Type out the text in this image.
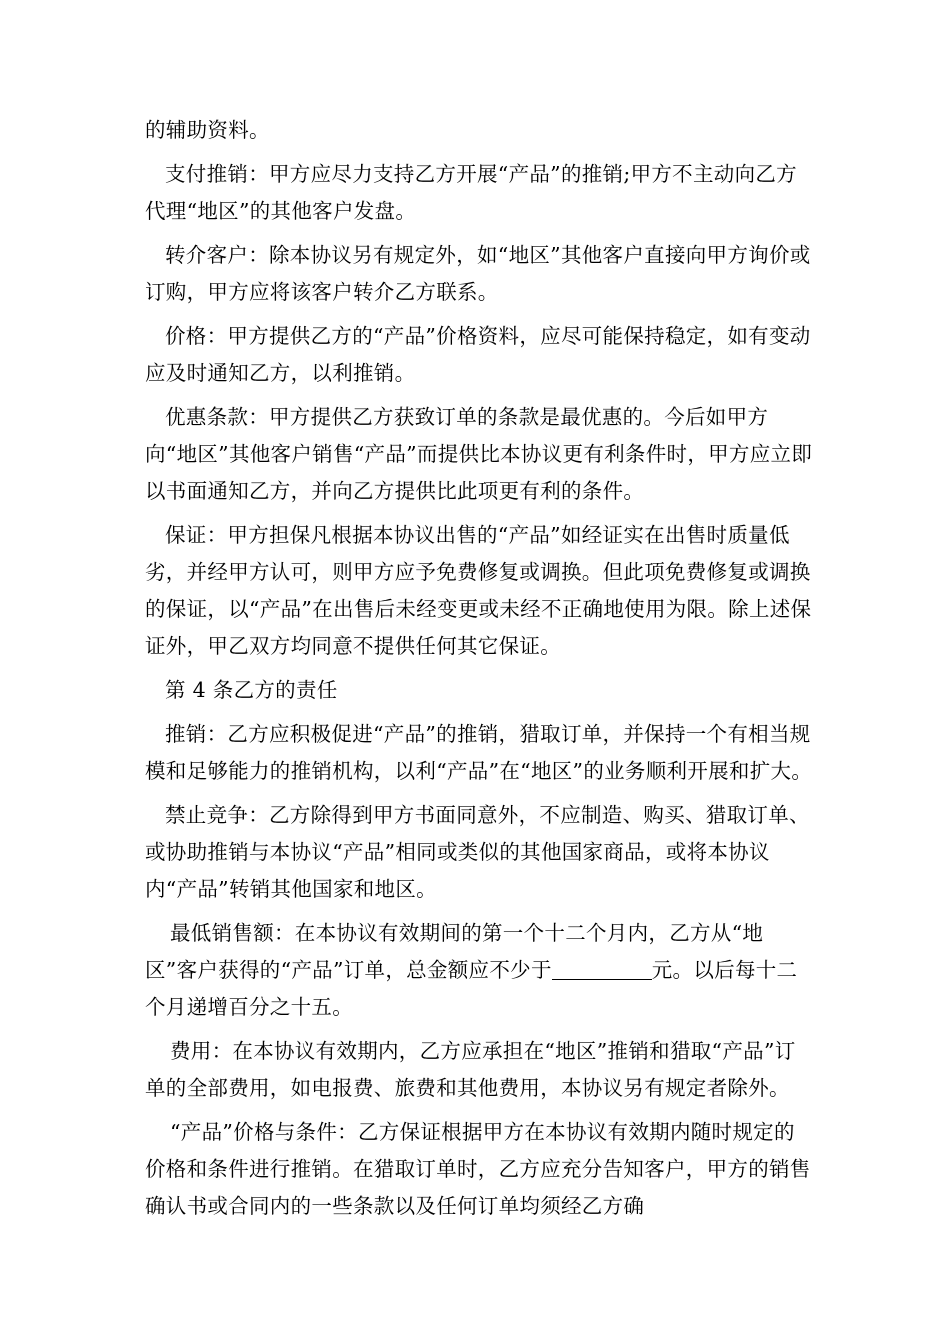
的辅助资料。
支付推销：甲方应尽力支持乙方开展“产品”的推销;甲方不主动向乙方代理“地区”的其他客户发盘。
转介客户：除本协议另有规定外，如“地区”其他客户直接向甲方询价或订购，甲方应将该客户转介乙方联系。
价格：甲方提供乙方的“产品”价格资料，应尽可能保持稳定，如有变动应及时通知乙方，以利推销。
优惠条款：甲方提供乙方获致订单的条款是最优惠的。今后如甲方向“地区”其他客户销售“产品”而提供比本协议更有利条件时，甲方应立即以书面通知乙方，并向乙方提供比此项更有利的条件。
保证：甲方担保凡根据本协议出售的“产品”如经证实在出售时质量低劣，并经甲方认可，则甲方应予免费修复或调换。但此项免费修复或调换的保证，以“产品”在出售后未经变更或未经不正确地使用为限。除上述保证外，甲乙双方均同意不提供任何其它保证。
第 4 条乙方的责任
推销：乙方应积极促进“产品”的推销，猎取订单，并保持一个有相当规模和足够能力的推销机构，以利“产品”在“地区”的业务顺利开展和扩大。
禁止竞争：乙方除得到甲方书面同意外，不应制造、购买、猎取订单、或协助推销与本协议“产品”相同或类似的其他国家商品，或将本协议内“产品”转销其他国家和地区。
最低销售额：在本协议有效期间的第一个十二个月内，乙方从“地区”客户获得的“产品”订单，总金额应不少于	元。以后每十二个月递增百分之十五。
费用：在本协议有效期内，乙方应承担在“地区”推销和猎取“产品”订单的全部费用，如电报费、旅费和其他费用，本协议另有规定者除外。
“产品”价格与条件：乙方保证根据甲方在本协议有效期内随时规定的价格和条件进行推销。在猎取订单时，乙方应充分告知客户，甲方的销售确认书或合同内的一些条款以及任何订单均须经乙方确
